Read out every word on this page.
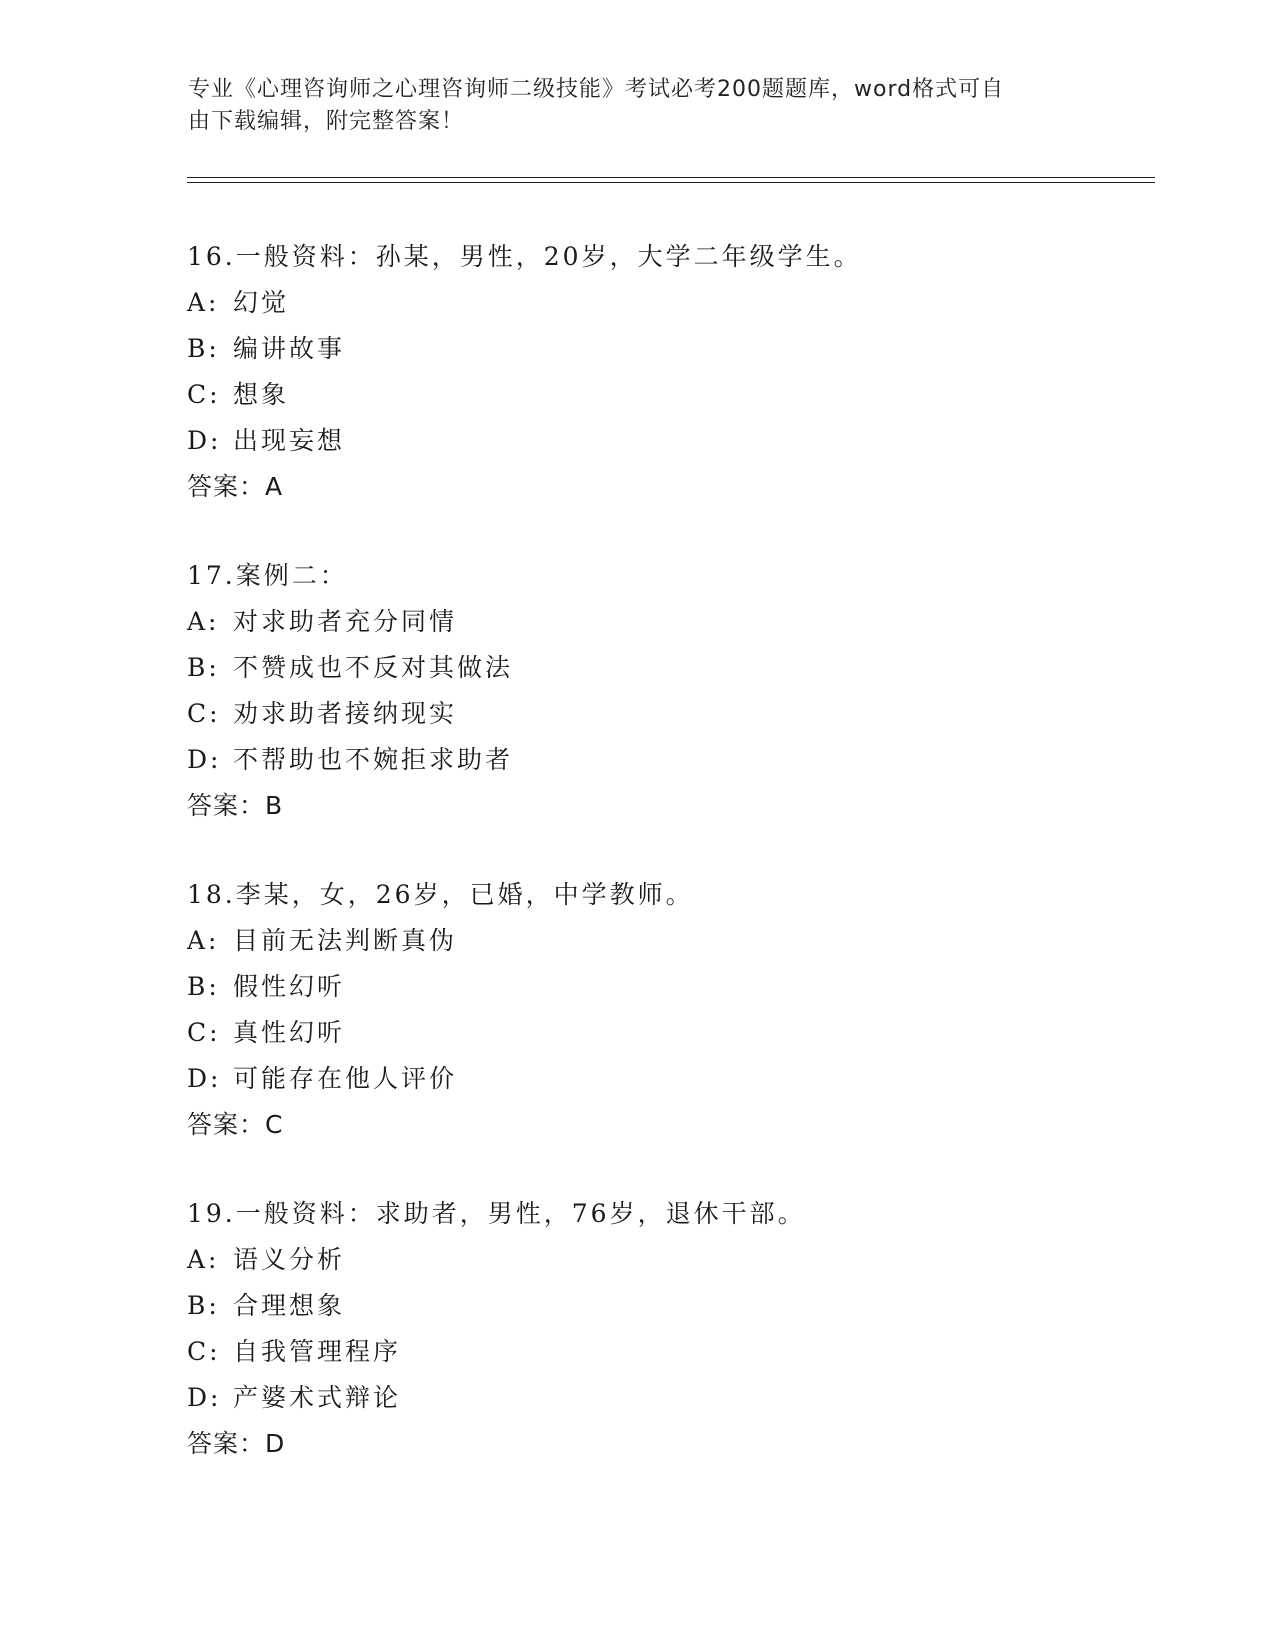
专业《心理咨询师之心理咨询师二级技能》考试必考200题题库，word格式可自
由下载编辑，附完整答案！
16.一般资料：孙某，男性，20岁，大学二年级学生。
A: 幻觉
B: 编讲故事
C: 想象
D: 出现妄想
答案：A
17.案例二：
A: 对求助者充分同情
B: 不赞成也不反对其做法
C: 劝求助者接纳现实
D: 不帮助也不婉拒求助者
答案：B
18.李某，女，26岁，已婚，中学教师。
A: 目前无法判断真伪
B: 假性幻听
C: 真性幻听
D: 可能存在他人评价
答案：C
19.一般资料：求助者，男性，76岁，退休干部。
A: 语义分析
B: 合理想象
C: 自我管理程序
D: 产婆术式辩论
答案：D
